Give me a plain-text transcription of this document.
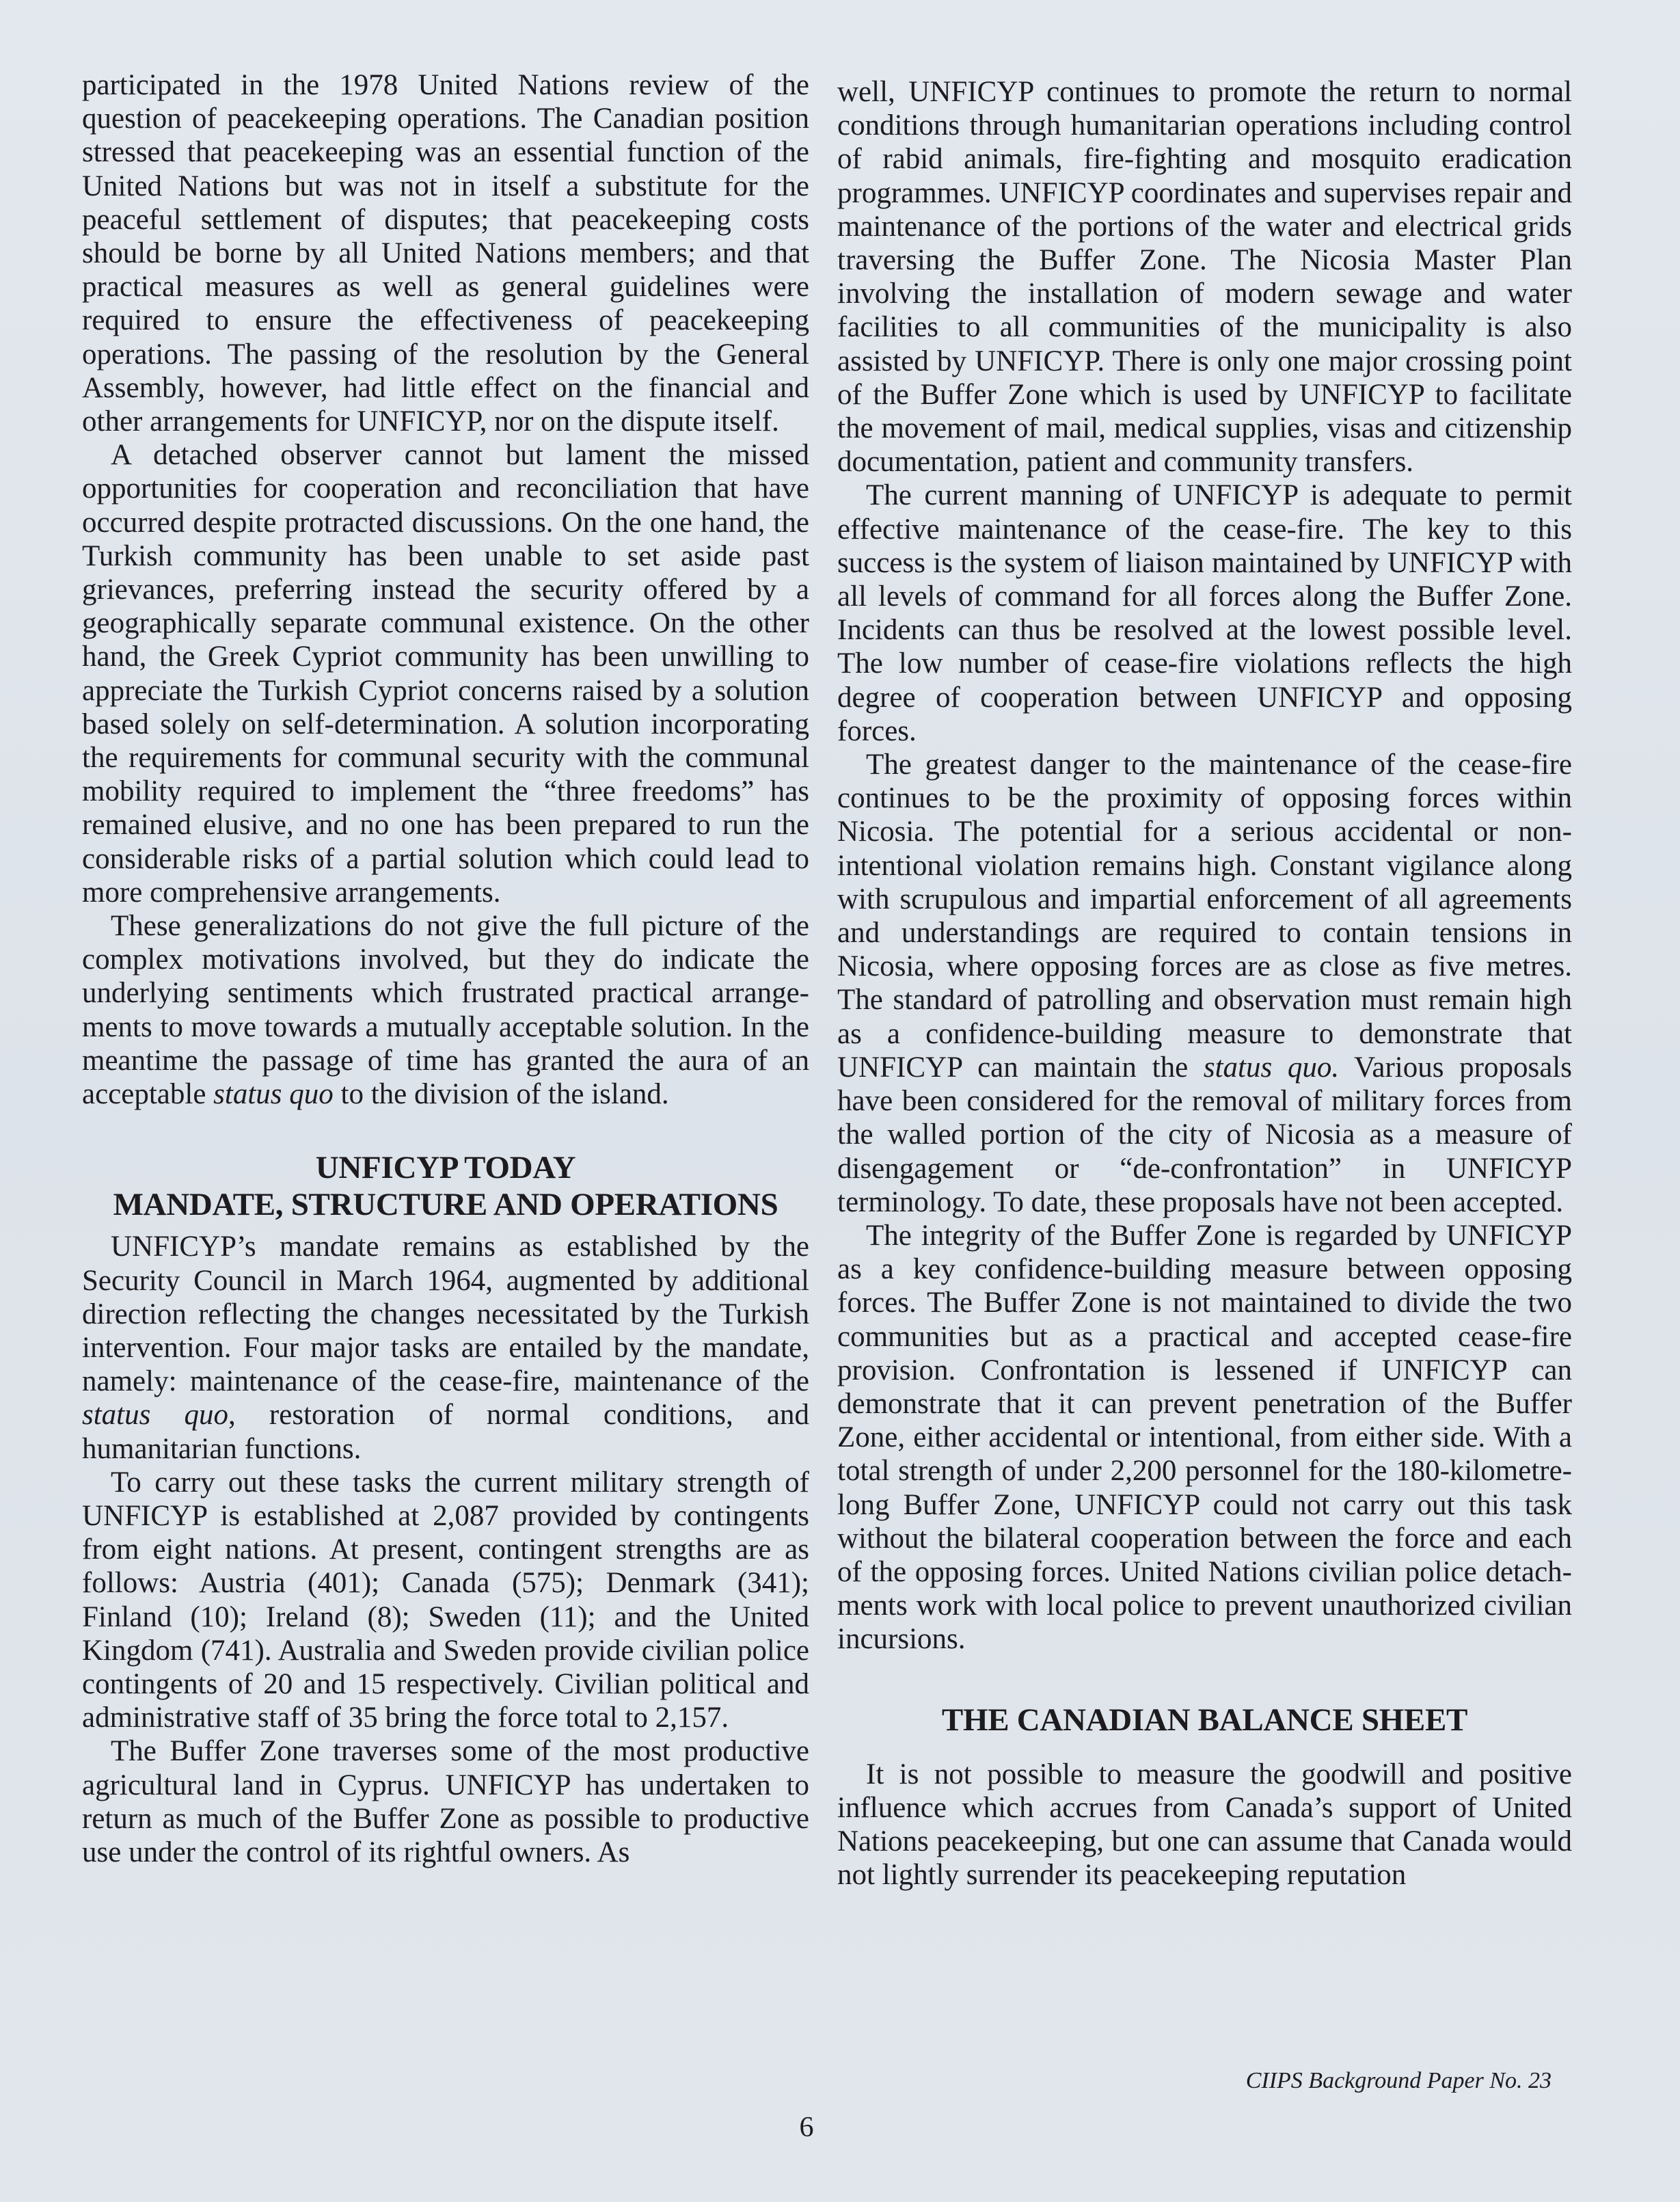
participated in the 1978 United Nations review of the question of peacekeeping operations. The Canadian position stressed that peacekeeping was an essential function of the United Nations but was not in itself a substitute for the peaceful settlement of disputes; that peacekeeping costs should be borne by all United Nations members; and that practical measures as well as general guidelines were required to ensure the effectiveness of peacekeeping operations. The passing of the resolution by the General Assembly, however, had little effect on the financial and other arrangements for UNFICYP, nor on the dispute itself.

A detached observer cannot but lament the missed opportunities for cooperation and reconciliation that have occurred despite protracted discussions. On the one hand, the Turkish community has been unable to set aside past grievances, preferring instead the security offered by a geographically separate communal existence. On the other hand, the Greek Cypriot community has been unwilling to appreciate the Turkish Cypriot concerns raised by a solution based solely on self-determination. A solution incorporating the requirements for communal security with the communal mobility required to implement the “three freedoms” has remained elusive, and no one has been prepared to run the considerable risks of a partial solution which could lead to more comprehensive arrangements.

These generalizations do not give the full picture of the complex motivations involved, but they do indicate the underlying sentiments which frustrated practical arrangements to move towards a mutually acceptable solution. In the meantime the passage of time has granted the aura of an acceptable status quo to the division of the island.

UNFICYP TODAY
MANDATE, STRUCTURE AND OPERATIONS

UNFICYP’s mandate remains as established by the Security Council in March 1964, augmented by additional direction reflecting the changes necessitated by the Turkish intervention. Four major tasks are entailed by the mandate, namely: maintenance of the cease-fire, maintenance of the status quo, restoration of normal conditions, and humanitarian functions.

To carry out these tasks the current military strength of UNFICYP is established at 2,087 provided by contingents from eight nations. At present, contingent strengths are as follows: Austria (401); Canada (575); Denmark (341); Finland (10); Ireland (8); Sweden (11); and the United Kingdom (741). Australia and Sweden provide civilian police contingents of 20 and 15 respectively. Civilian political and administrative staff of 35 bring the force total to 2,157.

The Buffer Zone traverses some of the most productive agricultural land in Cyprus. UNFICYP has undertaken to return as much of the Buffer Zone as possible to productive use under the control of its rightful owners. As

well, UNFICYP continues to promote the return to normal conditions through humanitarian operations including control of rabid animals, fire-fighting and mosquito eradication programmes. UNFICYP coordinates and supervises repair and maintenance of the portions of the water and electrical grids traversing the Buffer Zone. The Nicosia Master Plan involving the installation of modern sewage and water facilities to all communities of the municipality is also assisted by UNFICYP. There is only one major crossing point of the Buffer Zone which is used by UNFICYP to facilitate the movement of mail, medical supplies, visas and citizenship documentation, patient and community transfers.

The current manning of UNFICYP is adequate to permit effective maintenance of the cease-fire. The key to this success is the system of liaison maintained by UNFICYP with all levels of command for all forces along the Buffer Zone. Incidents can thus be resolved at the lowest possible level. The low number of cease-fire violations reflects the high degree of cooperation between UNFICYP and opposing forces.

The greatest danger to the maintenance of the cease-fire continues to be the proximity of opposing forces within Nicosia. The potential for a serious accidental or non-intentional violation remains high. Constant vigilance along with scrupulous and impartial enforcement of all agreements and understandings are required to contain tensions in Nicosia, where opposing forces are as close as five metres. The standard of patrolling and observation must remain high as a confidence-building measure to demonstrate that UNFICYP can maintain the status quo. Various proposals have been considered for the removal of military forces from the walled portion of the city of Nicosia as a measure of disengagement or “de-confrontation” in UNFICYP terminology. To date, these proposals have not been accepted.

The integrity of the Buffer Zone is regarded by UNFICYP as a key confidence-building measure between opposing forces. The Buffer Zone is not maintained to divide the two communities but as a practical and accepted cease-fire provision. Confrontation is lessened if UNFICYP can demonstrate that it can prevent penetration of the Buffer Zone, either accidental or intentional, from either side. With a total strength of under 2,200 personnel for the 180-kilometre-long Buffer Zone, UNFICYP could not carry out this task without the bilateral cooperation between the force and each of the opposing forces. United Nations civilian police detachments work with local police to prevent unauthorized civilian incursions.

THE CANADIAN BALANCE SHEET

It is not possible to measure the goodwill and positive influence which accrues from Canada’s support of United Nations peacekeeping, but one can assume that Canada would not lightly surrender its peacekeeping reputation

CIIPS Background Paper No. 23
6
